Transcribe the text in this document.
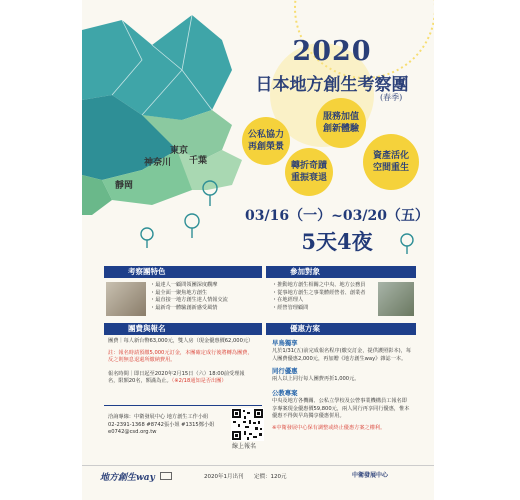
東京
神奈川 千葉
靜岡
2020
日本地方創生考察團
(春季)
服務加值
創新體驗
公私協力
再創榮景
資產活化
空間重生
轉折奇蹟
重振衰退
03/16（一）~03/20（五）
5天4夜
考察團特色
・最達人一顧問領團深度觀摩
・最全面一聚焦地方創生
・最直接一地方創生達人情報交流
・最新奇一體驗創新感受風情
參加對象
・推動地方創生相關之中央、地方公務員
・從事地方創生之事業體經營者、創業者
・在地經理人
・經營管理顧問
團費與報名
團費｜每人新台幣63,000元，雙人房（現金優惠價62,000元）
註：報名時請預繳5,000元訂金，本團確定成行後將轉為團費，
反之則無息退還所繳納費用。
報名時間｜即日起至2020年2月15日（六）18:00前受理報
名，限額20名，額滿為止。（※2/18通知是否出團）
洽詢專線：中衛發展中心 地方創生工作小組
02-2391-1368 #8742張小姐 #1315鄭小姐
e0742@csd.org.tw
線上報名
優惠方案
早鳥獨享
凡於1/31(五)前完成報名程序(繳交訂金，提供護照影本)，每
人團費優惠2,000元，再加贈《地方創生way》雜誌一本。
同行優惠
兩人以上同行每人團費再折1,000元。
公教專案
中央及地方各機關、公私立學校及公營事業機構員工報名即
享專案現金優惠價59,800元，兩人同行再享同行優惠，惟本
優惠不得與早鳥獨享優惠併用。
※中衛發展中心保有調整或終止優惠方案之權利。
地方創生way	2020年1月出刊 定價：120元	中衛發展中心
